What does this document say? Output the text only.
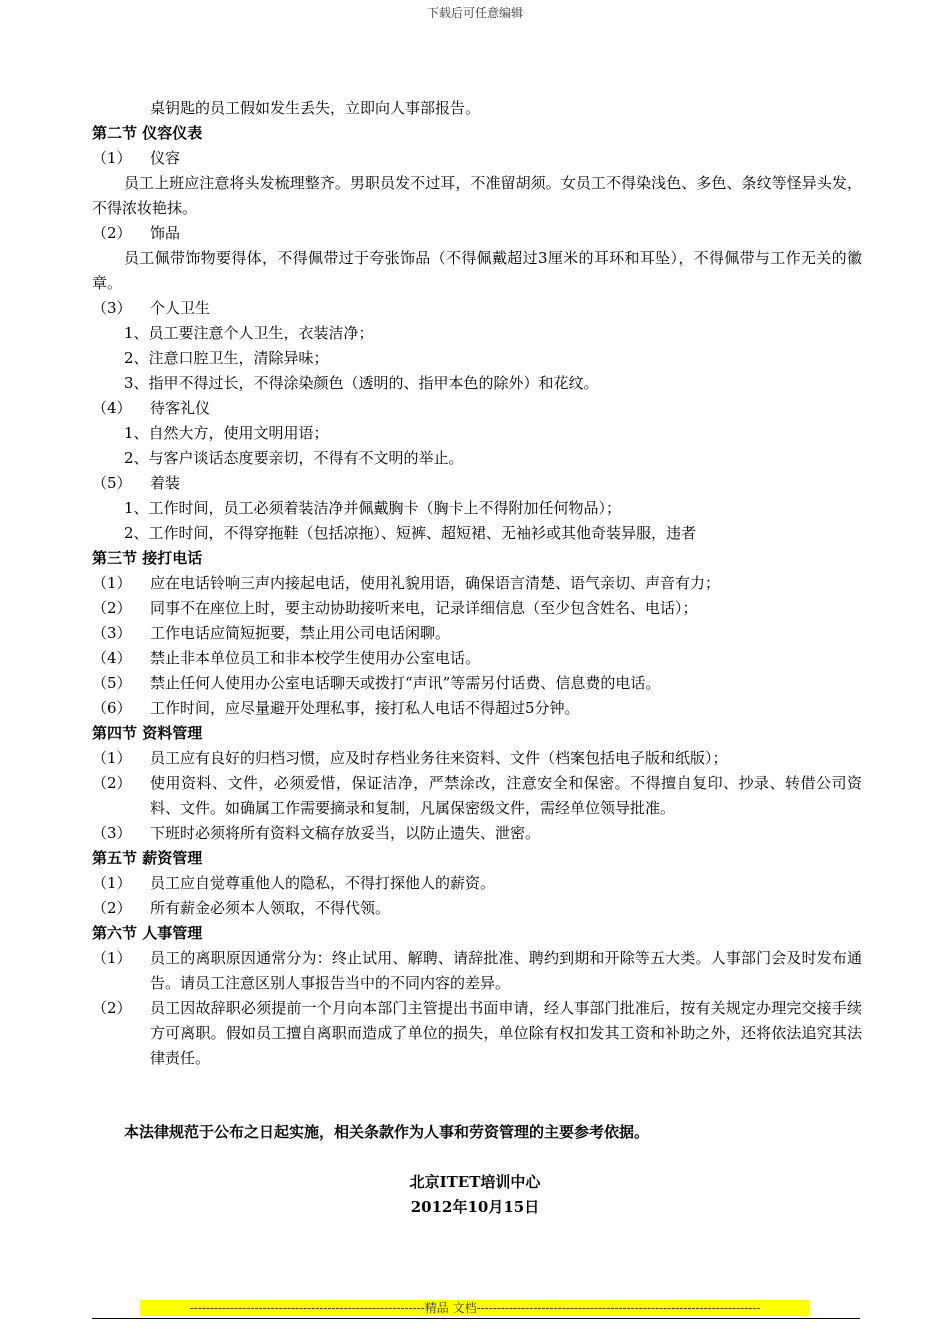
下载后可任意编辑
桌钥匙的员工假如发生丢失，立即向人事部报告。
第二节 仪容仪表
（1）	仪容
员工上班应注意将头发梳理整齐。男职员发不过耳，不准留胡须。女员工不得染浅色、多色、条纹等怪异头发，不得浓妆艳抹。
（2）	饰品
员工佩带饰物要得体，不得佩带过于夸张饰品（不得佩戴超过3厘米的耳环和耳坠），不得佩带与工作无关的徽章。
（3）	个人卫生
1、员工要注意个人卫生，衣装洁净；
2、注意口腔卫生，清除异味；
3、指甲不得过长，不得涂染颜色（透明的、指甲本色的除外）和花纹。
（4）	待客礼仪
1、自然大方，使用文明用语；
2、与客户谈话态度要亲切，不得有不文明的举止。
（5）	着装
1、工作时间，员工必须着装洁净并佩戴胸卡（胸卡上不得附加任何物品）；
2、工作时间，不得穿拖鞋（包括凉拖）、短裤、超短裙、无袖衫或其他奇装异服，违者
第三节 接打电话
（1）	应在电话铃响三声内接起电话，使用礼貌用语，确保语言清楚、语气亲切、声音有力；
（2）	同事不在座位上时，要主动协助接听来电，记录详细信息（至少包含姓名、电话）；
（3）	工作电话应简短扼要，禁止用公司电话闲聊。
（4）	禁止非本单位员工和非本校学生使用办公室电话。
（5）	禁止任何人使用办公室电话聊天或拨打“声讯”等需另付话费、信息费的电话。
（6）	工作时间，应尽量避开处理私事，接打私人电话不得超过5分钟。
第四节 资料管理
（1）	员工应有良好的归档习惯，应及时存档业务往来资料、文件（档案包括电子版和纸版）；
（2）	使用资料、文件，必须爱惜，保证洁净，严禁涂改，注意安全和保密。不得擅自复印、抄录、转借公司资料、文件。如确属工作需要摘录和复制，凡属保密级文件，需经单位领导批准。
（3）	下班时必须将所有资料文稿存放妥当，以防止遗失、泄密。
第五节 薪资管理
（1）	员工应自觉尊重他人的隐私，不得打探他人的薪资。
（2）	所有薪金必须本人领取，不得代领。
第六节 人事管理
（1）	员工的离职原因通常分为：终止试用、解聘、请辞批准、聘约到期和开除等五大类。人事部门会及时发布通告。请员工注意区别人事报告当中的不同内容的差异。
（2）	员工因故辞职必须提前一个月向本部门主管提出书面申请，经人事部门批准后，按有关规定办理完交接手续方可离职。假如员工擅自离职而造成了单位的损失，单位除有权扣发其工资和补助之外，还将依法追究其法律责任。
本法律规范于公布之日起实施，相关条款作为人事和劳资管理的主要参考依据。
北京ITET培训中心
2012年10月15日
----------------------------------------------------------精品 文档----------------------------------------------------------------------
